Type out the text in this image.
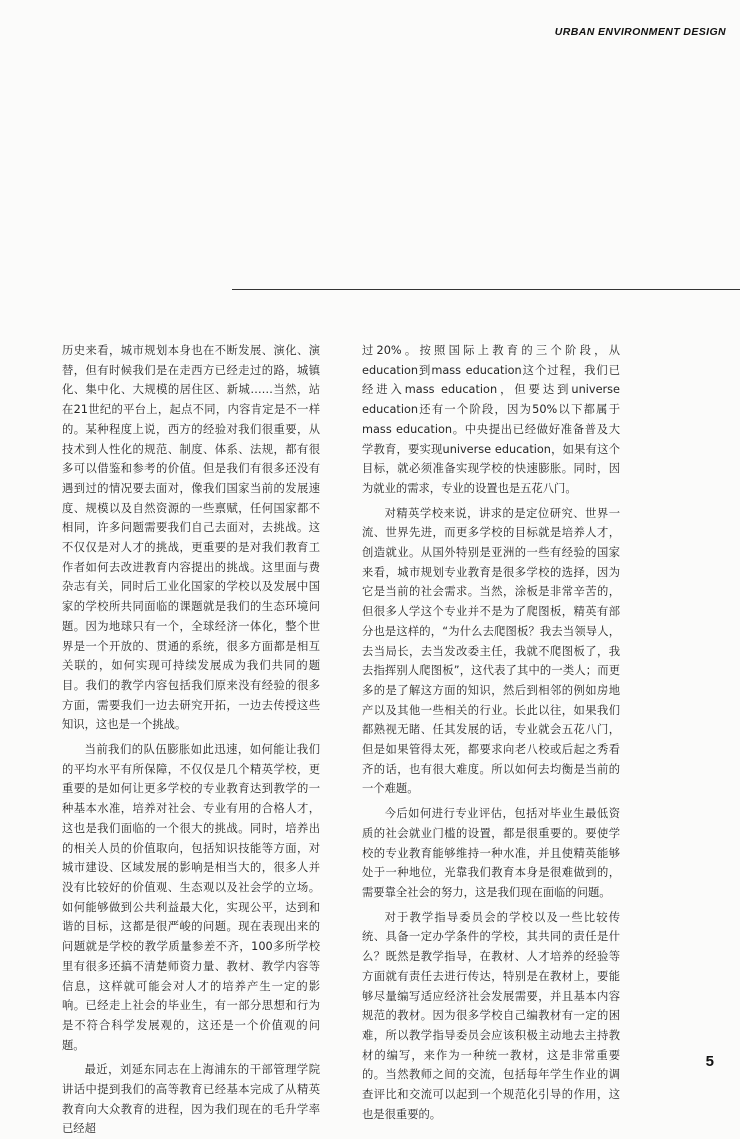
URBAN ENVIRONMENT DESIGN

历史来看，城市规划本身也在不断发展、演化、演替，但有时候我们是在走西方已经走过的路，城镇化、集中化、大规模的居住区、新城……当然，站在21世纪的平台上，起点不同，内容肯定是不一样的。某种程度上说，西方的经验对我们很重要，从技术到人性化的规范、制度、体系、法规，都有很多可以借鉴和参考的价值。但是我们有很多还没有遇到过的情况要去面对，像我们国家当前的发展速度、规模以及自然资源的一些禀赋，任何国家都不相同，许多问题需要我们自己去面对，去挑战。这不仅仅是对人才的挑战，更重要的是对我们教育工作者如何去改进教育内容提出的挑战。这里面与费杂志有关，同时后工业化国家的学校以及发展中国家的学校所共同面临的课题就是我们的生态环境问题。因为地球只有一个，全球经济一体化，整个世界是一个开放的、贯通的系统，很多方面都是相互关联的，如何实现可持续发展成为我们共同的题目。我们的教学内容包括我们原来没有经验的很多方面，需要我们一边去研究开拓，一边去传授这些知识，这也是一个挑战。

当前我们的队伍膨胀如此迅速，如何能让我们的平均水平有所保障，不仅仅是几个精英学校，更重要的是如何让更多学校的专业教育达到教学的一种基本水准，培养对社会、专业有用的合格人才，这也是我们面临的一个很大的挑战。同时，培养出的相关人员的价值取向，包括知识技能等方面，对城市建设、区域发展的影响是相当大的，很多人并没有比较好的价值观、生态观以及社会学的立场。如何能够做到公共利益最大化，实现公平，达到和谐的目标，这都是很严峻的问题。现在表现出来的问题就是学校的教学质量参差不齐，100多所学校里有很多还搞不清楚师资力量、教材、教学内容等信息，这样就可能会对人才的培养产生一定的影响。已经走上社会的毕业生，有一部分思想和行为是不符合科学发展观的，这还是一个价值观的问题。

最近，刘延东同志在上海浦东的干部管理学院讲话中提到我们的高等教育已经基本完成了从精英教育向大众教育的进程，因为我们现在的毛升学率已经超

过20%。按照国际上教育的三个阶段，从education到mass education这个过程，我们已经进入mass education，但要达到universe education还有一个阶段，因为50%以下都属于mass education。中央提出已经做好准备普及大学教育，要实现universe education，如果有这个目标，就必须准备实现学校的快速膨胀。同时，因为就业的需求，专业的设置也是五花八门。

对精英学校来说，讲求的是定位研究、世界一流、世界先进，而更多学校的目标就是培养人才，创造就业。从国外特别是亚洲的一些有经验的国家来看，城市规划专业教育是很多学校的选择，因为它是当前的社会需求。当然，涂板是非常辛苦的，但很多人学这个专业并不是为了爬图板，精英有部分也是这样的，“为什么去爬图板？我去当领导人，去当局长，去当发改委主任，我就不爬图板了，我去指挥别人爬图板”，这代表了其中的一类人；而更多的是了解这方面的知识，然后到相邻的例如房地产以及其他一些相关的行业。长此以往，如果我们都熟视无睹、任其发展的话，专业就会五花八门，但是如果管得太死，都要求向老八校或后起之秀看齐的话，也有很大难度。所以如何去均衡是当前的一个难题。

今后如何进行专业评估，包括对毕业生最低资质的社会就业门槛的设置，都是很重要的。要使学校的专业教育能够维持一种水准，并且使精英能够处于一种地位，光靠我们教育本身是很难做到的，需要靠全社会的努力，这是我们现在面临的问题。

对于教学指导委员会的学校以及一些比较传统、具备一定办学条件的学校，其共同的责任是什么？既然是教学指导，在教材、人才培养的经验等方面就有责任去进行传达，特别是在教材上，要能够尽量编写适应经济社会发展需要，并且基本内容规范的教材。因为很多学校自己编教材有一定的困难，所以教学指导委员会应该积极主动地去主持教材的编写，来作为一种统一教材，这是非常重要的。当然教师之间的交流，包括每年学生作业的调查评比和交流可以起到一个规范化引导的作用，这也是很重要的。

5
